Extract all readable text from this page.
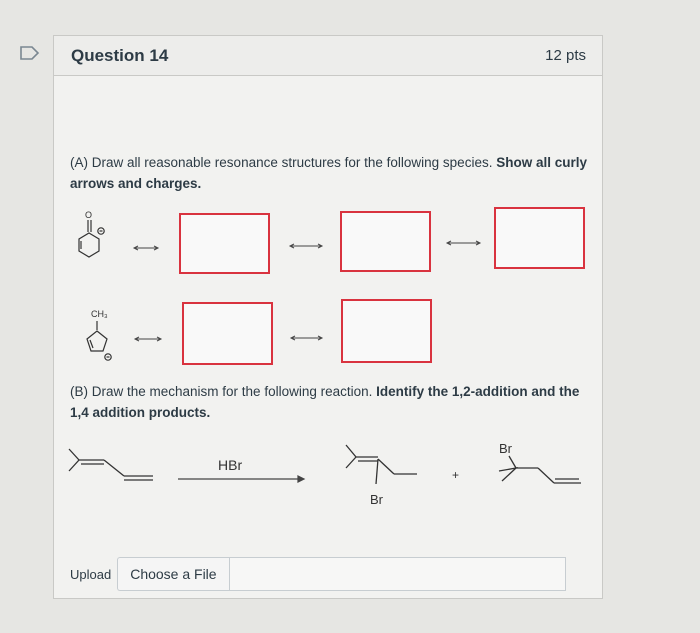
Question 14	12 pts
(A) Draw all reasonable resonance structures for the following species. Show all curly arrows and charges.
O
CH₃
HBr
Br
+
Br
(B) Draw the mechanism for the following reaction. Identify the 1,2-addition and the 1,4 addition products.
Upload	Choose a File
